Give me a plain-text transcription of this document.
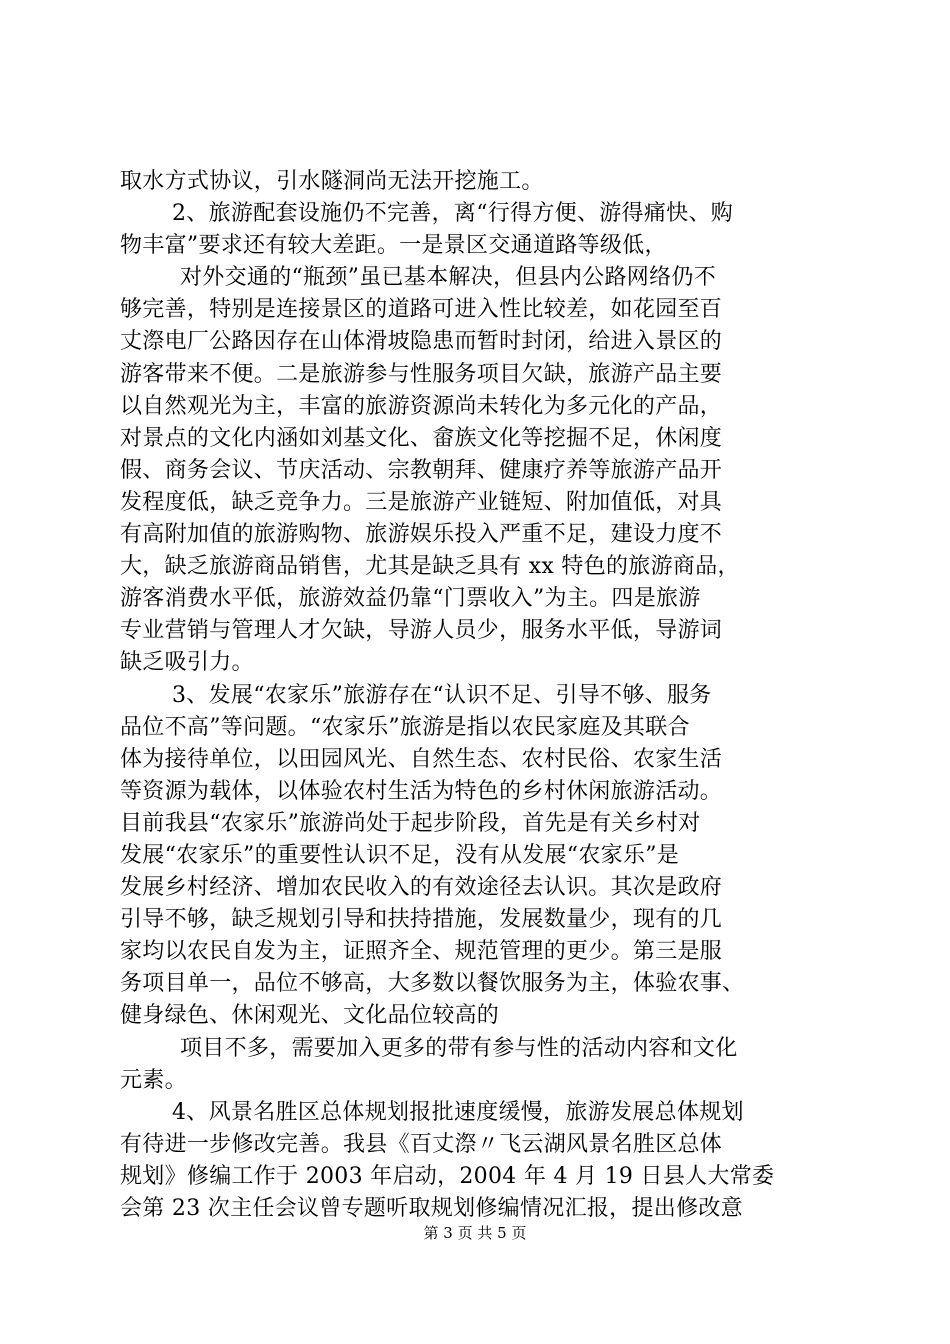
取水方式协议，引水隧洞尚无法开挖施工。
2、旅游配套设施仍不完善，离“行得方便、游得痛快、购
物丰富”要求还有较大差距。一是景区交通道路等级低，
对外交通的“瓶颈”虽已基本解决，但县内公路网络仍不
够完善，特别是连接景区的道路可进入性比较差，如花园至百
丈漈电厂公路因存在山体滑坡隐患而暂时封闭，给进入景区的
游客带来不便。二是旅游参与性服务项目欠缺，旅游产品主要
以自然观光为主，丰富的旅游资源尚未转化为多元化的产品，
对景点的文化内涵如刘基文化、畲族文化等挖掘不足，休闲度
假、商务会议、节庆活动、宗教朝拜、健康疗养等旅游产品开
发程度低，缺乏竞争力。三是旅游产业链短、附加值低，对具
有高附加值的旅游购物、旅游娱乐投入严重不足，建设力度不
大，缺乏旅游商品销售，尤其是缺乏具有 xx 特色的旅游商品，
游客消费水平低，旅游效益仍靠“门票收入”为主。四是旅游
专业营销与管理人才欠缺，导游人员少，服务水平低，导游词
缺乏吸引力。
3、发展“农家乐”旅游存在“认识不足、引导不够、服务
品位不高”等问题。“农家乐”旅游是指以农民家庭及其联合
体为接待单位，以田园风光、自然生态、农村民俗、农家生活
等资源为载体，以体验农村生活为特色的乡村休闲旅游活动。
目前我县“农家乐”旅游尚处于起步阶段，首先是有关乡村对
发展“农家乐”的重要性认识不足，没有从发展“农家乐”是
发展乡村经济、增加农民收入的有效途径去认识。其次是政府
引导不够，缺乏规划引导和扶持措施，发展数量少，现有的几
家均以农民自发为主，证照齐全、规范管理的更少。第三是服
务项目单一，品位不够高，大多数以餐饮服务为主，体验农事、
健身绿色、休闲观光、文化品位较高的
项目不多，需要加入更多的带有参与性的活动内容和文化
元素。
4、风景名胜区总体规划报批速度缓慢，旅游发展总体规划
有待进一步修改完善。我县《百丈漈〃飞云湖风景名胜区总体
规划》修编工作于 2003 年启动，2004 年 4 月 19 日县人大常委
会第 23 次主任会议曾专题听取规划修编情况汇报，提出修改意
第 3 页 共 5 页
